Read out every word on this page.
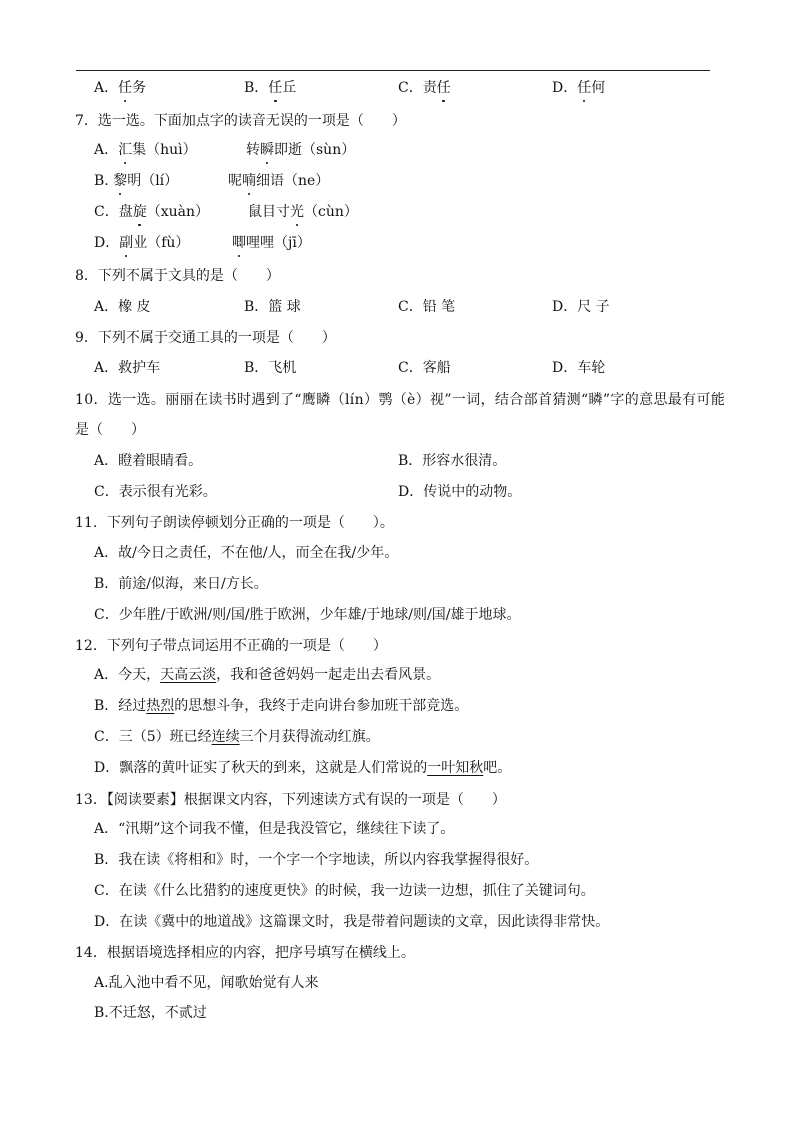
A．任务	B．任丘	C．责任	D．任何
7．选一选。下面加点字的读音无误的一项是（　　）
A．汇集（huì）	转瞬即逝（sùn）
B. 黎明（lí）	呢喃细语（ne）
C．盘旋（xuàn）	鼠目寸光（cùn）
D．副业（fù）	唧哩哩（jī）
8．下列不属于文具的是（　　）
A．橡 皮	B．篮 球	C．铅 笔	D．尺 子
9．下列不属于交通工具的一项是（　　）
A．救护车	B．飞机	C．客船	D．车轮
10．选一选。丽丽在读书时遇到了“鹰瞵（lín）鹗（è）视”一词，结合部首猜测“瞵”字的意思最有可能
是（　　）
A．瞪着眼睛看。	B．形容水很清。
C．表示很有光彩。	D．传说中的动物。
11．下列句子朗读停顿划分正确的一项是（　　）。
A．故/今日之责任，不在他/人，而全在我/少年。
B．前途/似海，来日/方长。
C．少年胜/于欧洲/则/国/胜于欧洲，少年雄/于地球/则/国/雄于地球。
12．下列句子带点词运用不正确的一项是（　　）
A．今天，天高云淡，我和爸爸妈妈一起走出去看风景。
B．经过热烈的思想斗争，我终于走向讲台参加班干部竞选。
C．三（5）班已经连续三个月获得流动红旗。
D．飘落的黄叶证实了秋天的到来，这就是人们常说的一叶知秋吧。
13．【阅读要素】根据课文内容，下列速读方式有误的一项是（　　）
A．“汛期”这个词我不懂，但是我没管它，继续往下读了。
B．我在读《将相和》时，一个字一个字地读，所以内容我掌握得很好。
C．在读《什么比猎豹的速度更快》的时候，我一边读一边想，抓住了关键词句。
D．在读《冀中的地道战》这篇课文时，我是带着问题读的文章，因此读得非常快。
14．根据语境选择相应的内容，把序号填写在横线上。
A.乱入池中看不见，闻歌始觉有人来
B.不迁怒，不贰过
